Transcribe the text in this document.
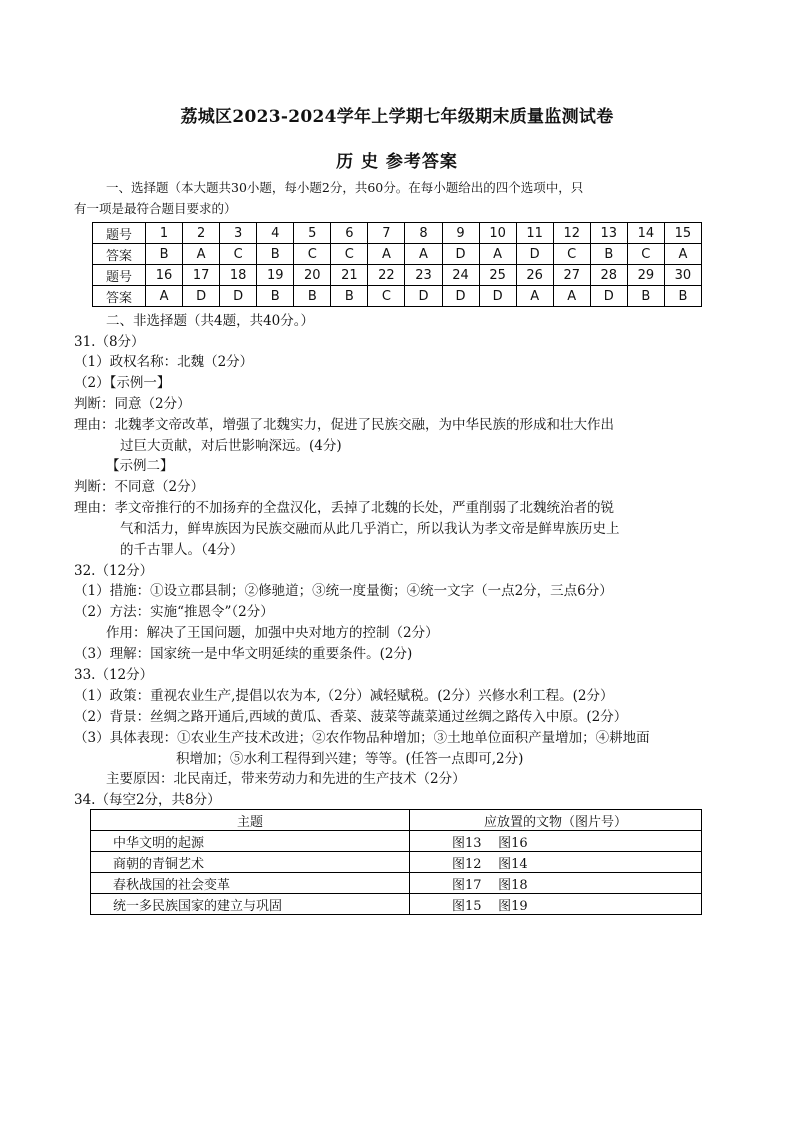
荔城区2023-2024学年上学期七年级期末质量监测试卷
历 史 参考答案
一、选择题（本大题共30小题，每小题2分，共60分。在每小题给出的四个选项中，只
有一项是最符合题目要求的）
题号	1	2	3	4	5	6	7	8	9	10	11	12	13	14	15
答案	B	A	C	B	C	C	A	A	D	A	D	C	B	C	A
题号	16	17	18	19	20	21	22	23	24	25	26	27	28	29	30
答案	A	D	D	B	B	B	C	D	D	D	A	A	D	B	B
二、非选择题（共4题，共40分。）
31.（8分）
（1）政权名称：北魏（2分）
（2）【示例一】
判断：同意（2分）
理由：北魏孝文帝改革，增强了北魏实力，促进了民族交融，为中华民族的形成和壮大作出
过巨大贡献，对后世影响深远。(4分)
【示例二】
判断：不同意（2分）
理由：孝文帝推行的不加扬弃的全盘汉化，丢掉了北魏的长处，严重削弱了北魏统治者的锐
气和活力，鲜卑族因为民族交融而从此几乎消亡，所以我认为孝文帝是鲜卑族历史上
的千古罪人。（4分）
32.（12分）
（1）措施：①设立郡县制；②修驰道；③统一度量衡；④统一文字（一点2分，三点6分）
（2）方法：实施“推恩令”（2分）
作用：解决了王国问题，加强中央对地方的控制（2分）
（3）理解：国家统一是中华文明延续的重要条件。(2分)
33.（12分）
（1）政策：重视农业生产,提倡以农为本,（2分）减轻赋税。(2分）兴修水利工程。(2分）
（2）背景：丝绸之路开通后,西域的黄瓜、香菜、菠菜等蔬菜通过丝绸之路传入中原。(2分）
（3）具体表现：①农业生产技术改进；②农作物品种增加；③土地单位面积产量增加；④耕地面
积增加；⑤水利工程得到兴建；等等。(任答一点即可,2分)
主要原因：北民南迁，带来劳动力和先进的生产技术（2分）
34.（每空2分，共8分）
主题	应放置的文物（图片号）
中华文明的起源	图13    图16
商朝的青铜艺术	图12    图14
春秋战国的社会变革	图17    图18
统一多民族国家的建立与巩固	图15    图19
